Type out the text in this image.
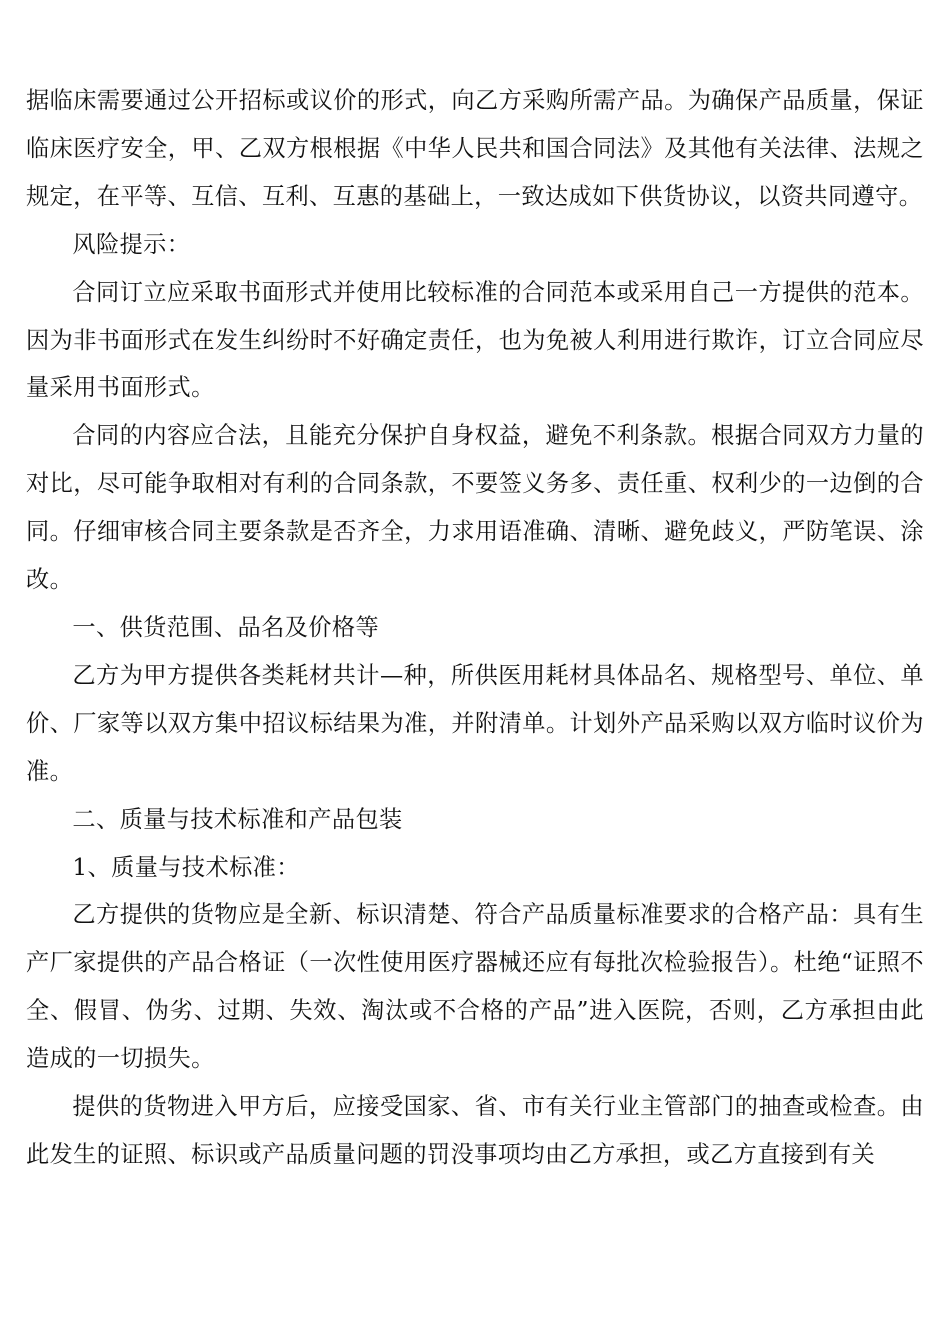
据临床需要通过公开招标或议价的形式，向乙方采购所需产品。为确保产品质量，保证临床医疗安全，甲、乙双方根根据《中华人民共和国合同法》及其他有关法律、法规之规定，在平等、互信、互利、互惠的基础上，一致达成如下供货协议，以资共同遵守。

风险提示：

合同订立应采取书面形式并使用比较标准的合同范本或采用自己一方提供的范本。因为非书面形式在发生纠纷时不好确定责任，也为免被人利用进行欺诈，订立合同应尽量采用书面形式。

合同的内容应合法，且能充分保护自身权益，避免不利条款。根据合同双方力量的对比，尽可能争取相对有利的合同条款，不要签义务多、责任重、权利少的一边倒的合同。仔细审核合同主要条款是否齐全，力求用语准确、清晰、避免歧义，严防笔误、涂改。

一、供货范围、品名及价格等

乙方为甲方提供各类耗材共计—种，所供医用耗材具体品名、规格型号、单位、单价、厂家等以双方集中招议标结果为准，并附清单。计划外产品采购以双方临时议价为准。

二、质量与技术标准和产品包装

1、质量与技术标准：

乙方提供的货物应是全新、标识清楚、符合产品质量标准要求的合格产品：具有生产厂家提供的产品合格证（一次性使用医疗器械还应有每批次检验报告）。杜绝“证照不全、假冒、伪劣、过期、失效、淘汰或不合格的产品”进入医院，否则，乙方承担由此造成的一切损失。

提供的货物进入甲方后，应接受国家、省、市有关行业主管部门的抽查或检查。由此发生的证照、标识或产品质量问题的罚没事项均由乙方承担，或乙方直接到有关
